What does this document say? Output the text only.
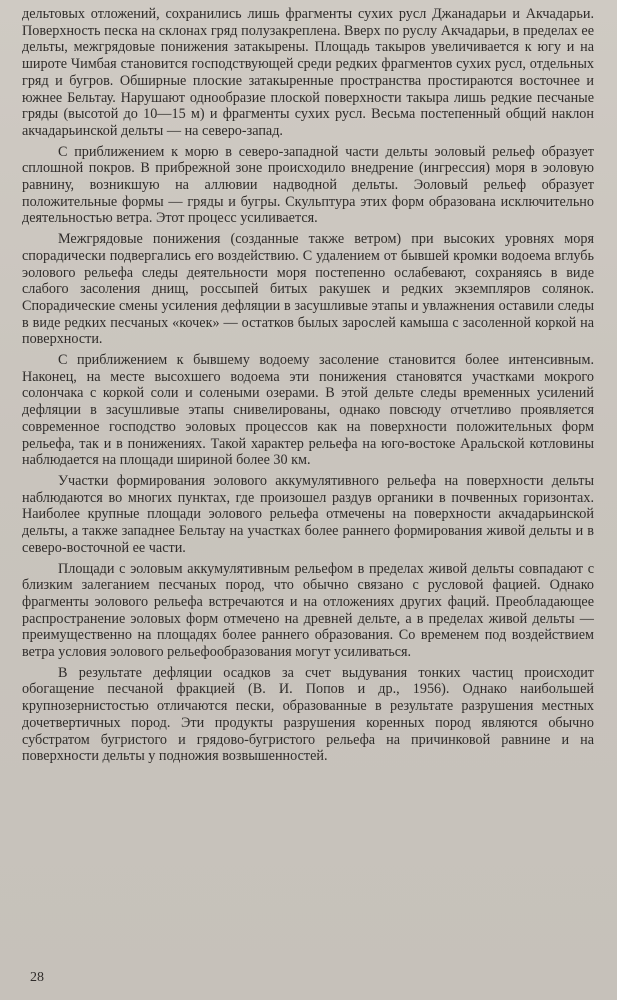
дельтовых отложений, сохранились лишь фрагменты сухих русл Джанадарьи и Акчадарьи. Поверхность песка на склонах гряд полузакреплена. Вверх по руслу Акчадарьи, в пределах ее дельты, межгрядовые понижения затакырены. Площадь такыров увеличивается к югу и на широте Чимбая становится господствующей среди редких фрагментов сухих русл, отдельных гряд и бугров. Обширные плоские затакыренные пространства простираются восточнее и южнее Бельтау. Нарушают однообразие плоской поверхности такыра лишь редкие песчаные гряды (высотой до 10—15 м) и фрагменты сухих русл. Весьма постепенный общий наклон акчадарьинской дельты — на северо-запад.

С приближением к морю в северо-западной части дельты эоловый рельеф образует сплошной покров. В прибрежной зоне происходило внедрение (ингрессия) моря в эоловую равнину, возникшую на аллювии надводной дельты. Эоловый рельеф образует положительные формы — гряды и бугры. Скульптура этих форм образована исключительно деятельностью ветра. Этот процесс усиливается.

Межгрядовые понижения (созданные также ветром) при высоких уровнях моря спорадически подвергались его воздействию. С удалением от бывшей кромки водоема вглубь эолового рельефа следы деятельности моря постепенно ослабевают, сохраняясь в виде слабого засоления днищ, россыпей битых ракушек и редких экземпляров солянок. Спорадические смены усиления дефляции в засушливые этапы и увлажнения оставили следы в виде редких песчаных «кочек» — остатков былых зарослей камыша с засоленной коркой на поверхности.

С приближением к бывшему водоему засоление становится более интенсивным. Наконец, на месте высохшего водоема эти понижения становятся участками мокрого солончака с коркой соли и солеными озерами. В этой дельте следы временных усилений дефляции в засушливые этапы снивелированы, однако повсюду отчетливо проявляется современное господство эоловых процессов как на поверхности положительных форм рельефа, так и в понижениях. Такой характер рельефа на юго-востоке Аральской котловины наблюдается на площади шириной более 30 км.

Участки формирования эолового аккумулятивного рельефа на поверхности дельты наблюдаются во многих пунктах, где произошел раздув органики в почвенных горизонтах. Наиболее крупные площади эолового рельефа отмечены на поверхности акчадарьинской дельты, а также западнее Бельтау на участках более раннего формирования живой дельты и в северо-восточной ее части.

Площади с эоловым аккумулятивным рельефом в пределах живой дельты совпадают с близким залеганием песчаных пород, что обычно связано с русловой фацией. Однако фрагменты эолового рельефа встречаются и на отложениях других фаций. Преобладающее распространение эоловых форм отмечено на древней дельте, а в пределах живой дельты — преимущественно на площадях более раннего образования. Со временем под воздействием ветра условия эолового рельефообразования могут усиливаться.

В результате дефляции осадков за счет выдувания тонких частиц происходит обогащение песчаной фракцией (В. И. Попов и др., 1956). Однако наибольшей крупнозернистостью отличаются пески, образованные в результате разрушения местных дочетвертичных пород. Эти продукты разрушения коренных пород являются обычно субстратом бугристого и грядово-бугристого рельефа на причинковой равнине и на поверхности дельты у подножия возвышенностей.

28
